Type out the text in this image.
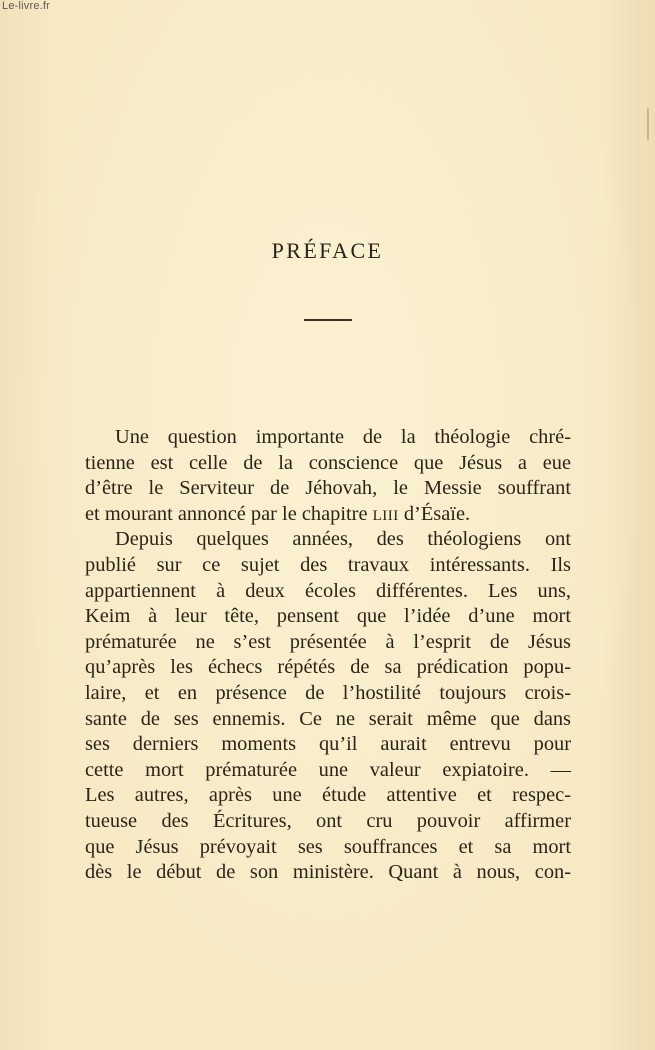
Le-livre.fr
PRÉFACE
Une question importante de la théologie chré-
tienne est celle de la conscience que Jésus a eue
d’être le Serviteur de Jéhovah, le Messie souffrant
et mourant annoncé par le chapitre LIII d’Ésaïe.
Depuis quelques années, des théologiens ont
publié sur ce sujet des travaux intéressants. Ils
appartiennent à deux écoles différentes. Les uns,
Keim à leur tête, pensent que l’idée d’une mort
prématurée ne s’est présentée à l’esprit de Jésus
qu’après les échecs répétés de sa prédication popu-
laire, et en présence de l’hostilité toujours crois-
sante de ses ennemis. Ce ne serait même que dans
ses derniers moments qu’il aurait entrevu pour
cette mort prématurée une valeur expiatoire. —
Les autres, après une étude attentive et respec-
tueuse des Écritures, ont cru pouvoir affirmer
que Jésus prévoyait ses souffrances et sa mort
dès le début de son ministère. Quant à nous, con-
